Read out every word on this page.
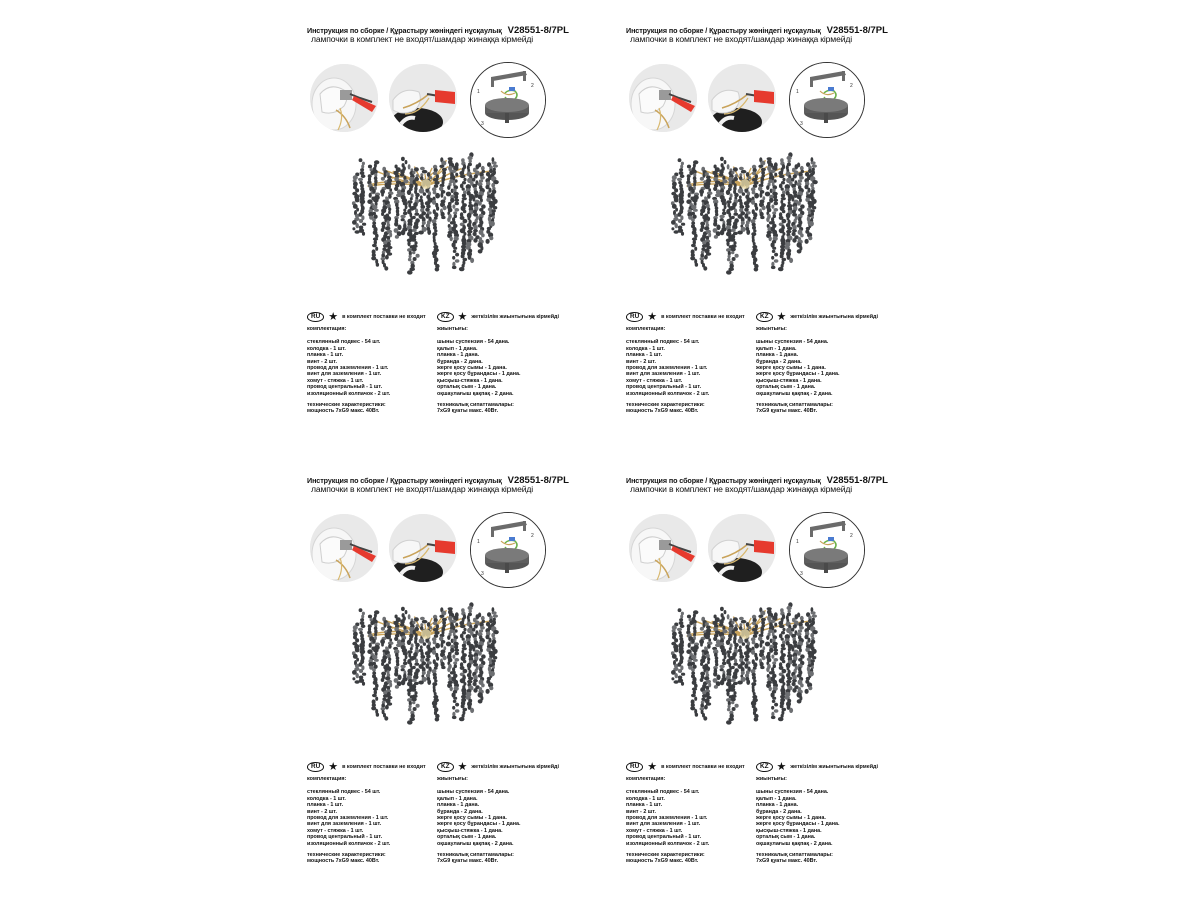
Инструкция по сборке / Құрастыру жөніндегі нұсқаулық V28551-8/7PL
лампочки в комплект не входят/шамдар жинаққа кірмейді
1
2
3
RU ★ в комплект поставки не входит	KZ ★ жеткізілім жиынтығына кірмейді
комплектация:
стеклянный подвес - 54 шт.
колодка - 1 шт.
планка - 1 шт.
винт - 2 шт.
провод для заземления - 1 шт.
винт для заземления - 1 шт.
хомут - стяжка - 1 шт.
провод центральный - 1 шт.
изоляционный колпачок - 2 шт.
технические характеристики:
мощность 7хG9 макс. 40Вт.
жиынтығы:
шыны суспензия - 54 дана.
қалып - 1 дана.
планка - 1 дана.
бұранда - 2 дана.
жерге қосу сымы - 1 дана.
жерге қосу бұрандасы - 1 дана.
қысқыш-стяжка - 1 дана.
орталық сым - 1 дана.
оқшаулағыш қақпақ - 2 дана.
техникалық сипаттамалары:
7хG9 қуаты макс. 40Вт.
Инструкция по сборке / Құрастыру жөніндегі нұсқаулық V28551-8/7PL
лампочки в комплект не входят/шамдар жинаққа кірмейді
1
2
3
RU ★ в комплект поставки не входит	KZ ★ жеткізілім жиынтығына кірмейді
комплектация:
стеклянный подвес - 54 шт.
колодка - 1 шт.
планка - 1 шт.
винт - 2 шт.
провод для заземления - 1 шт.
винт для заземления - 1 шт.
хомут - стяжка - 1 шт.
провод центральный - 1 шт.
изоляционный колпачок - 2 шт.
технические характеристики:
мощность 7хG9 макс. 40Вт.
жиынтығы:
шыны суспензия - 54 дана.
қалып - 1 дана.
планка - 1 дана.
бұранда - 2 дана.
жерге қосу сымы - 1 дана.
жерге қосу бұрандасы - 1 дана.
қысқыш-стяжка - 1 дана.
орталық сым - 1 дана.
оқшаулағыш қақпақ - 2 дана.
техникалық сипаттамалары:
7хG9 қуаты макс. 40Вт.
Инструкция по сборке / Құрастыру жөніндегі нұсқаулық V28551-8/7PL
лампочки в комплект не входят/шамдар жинаққа кірмейді
1
2
3
RU ★ в комплект поставки не входит	KZ ★ жеткізілім жиынтығына кірмейді
комплектация:
стеклянный подвес - 54 шт.
колодка - 1 шт.
планка - 1 шт.
винт - 2 шт.
провод для заземления - 1 шт.
винт для заземления - 1 шт.
хомут - стяжка - 1 шт.
провод центральный - 1 шт.
изоляционный колпачок - 2 шт.
технические характеристики:
мощность 7хG9 макс. 40Вт.
жиынтығы:
шыны суспензия - 54 дана.
қалып - 1 дана.
планка - 1 дана.
бұранда - 2 дана.
жерге қосу сымы - 1 дана.
жерге қосу бұрандасы - 1 дана.
қысқыш-стяжка - 1 дана.
орталық сым - 1 дана.
оқшаулағыш қақпақ - 2 дана.
техникалық сипаттамалары:
7хG9 қуаты макс. 40Вт.
Инструкция по сборке / Құрастыру жөніндегі нұсқаулық V28551-8/7PL
лампочки в комплект не входят/шамдар жинаққа кірмейді
1
2
3
RU ★ в комплект поставки не входит	KZ ★ жеткізілім жиынтығына кірмейді
комплектация:
стеклянный подвес - 54 шт.
колодка - 1 шт.
планка - 1 шт.
винт - 2 шт.
провод для заземления - 1 шт.
винт для заземления - 1 шт.
хомут - стяжка - 1 шт.
провод центральный - 1 шт.
изоляционный колпачок - 2 шт.
технические характеристики:
мощность 7хG9 макс. 40Вт.
жиынтығы:
шыны суспензия - 54 дана.
қалып - 1 дана.
планка - 1 дана.
бұранда - 2 дана.
жерге қосу сымы - 1 дана.
жерге қосу бұрандасы - 1 дана.
қысқыш-стяжка - 1 дана.
орталық сым - 1 дана.
оқшаулағыш қақпақ - 2 дана.
техникалық сипаттамалары:
7хG9 қуаты макс. 40Вт.
